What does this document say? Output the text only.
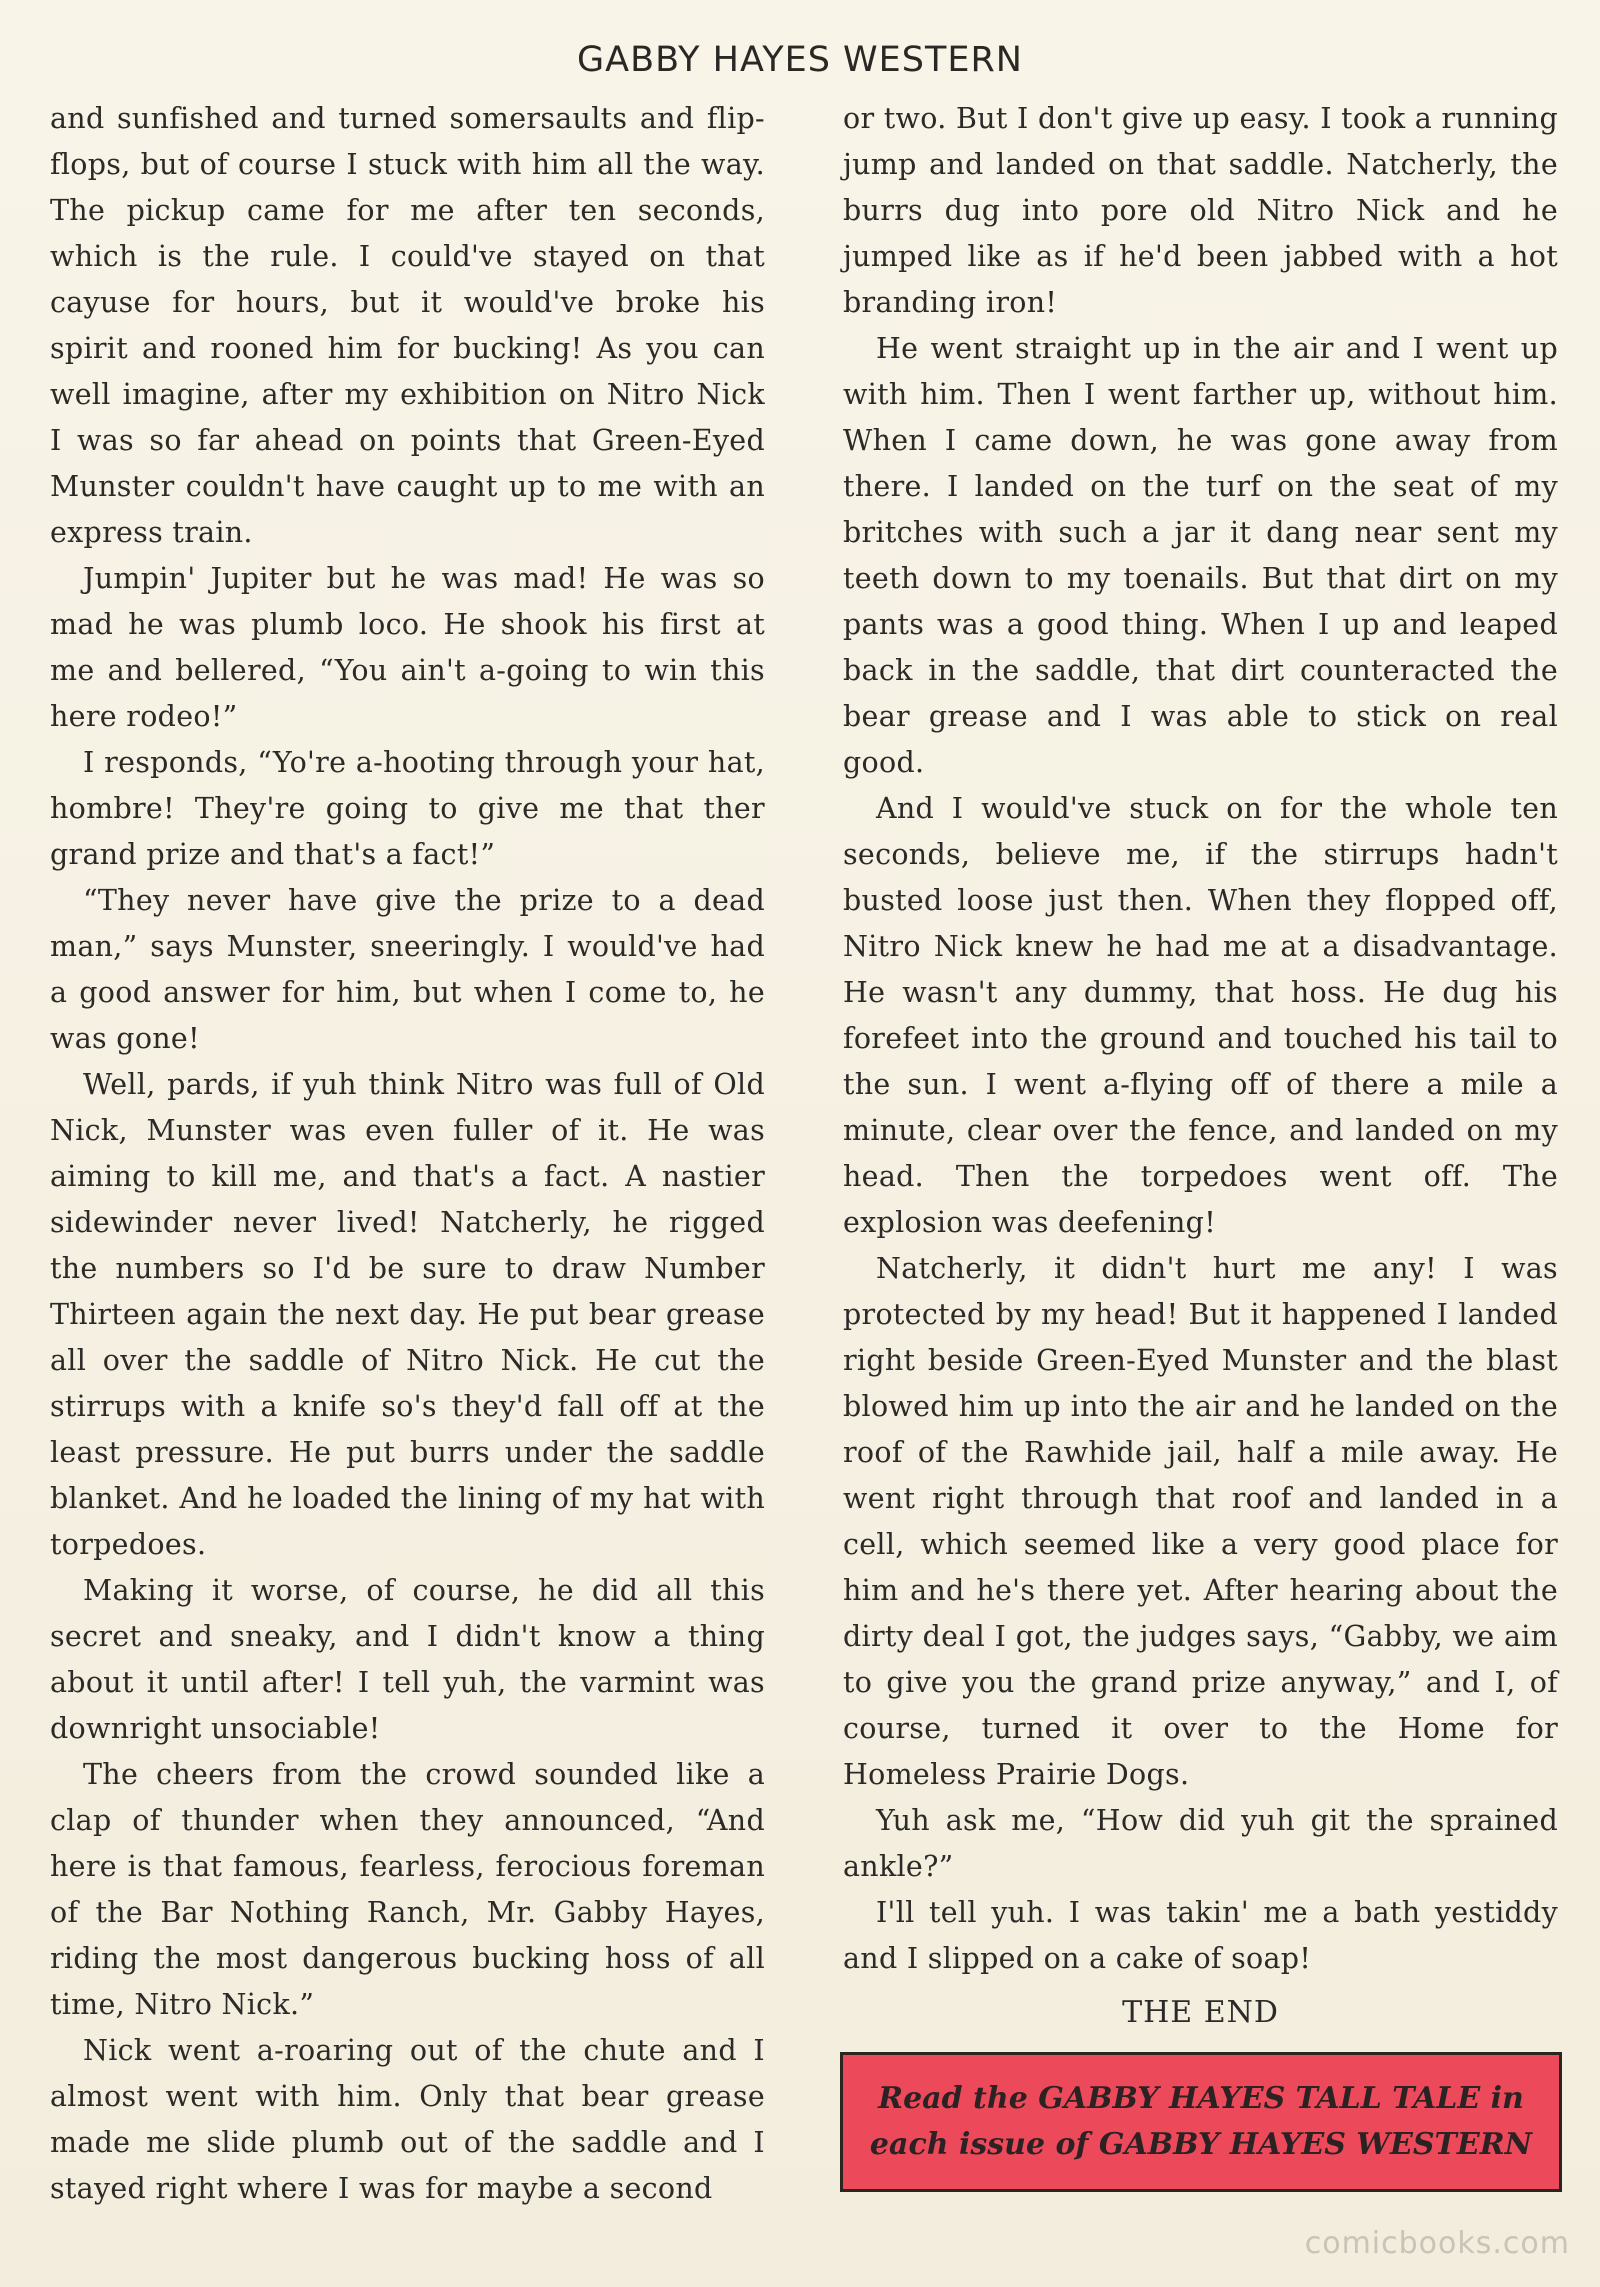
GABBY HAYES WESTERN

and sunfished and turned somersaults and flip-flops, but of course I stuck with him all the way. The pickup came for me after ten seconds, which is the rule. I could've stayed on that cayuse for hours, but it would've broke his spirit and rooned him for bucking! As you can well imagine, after my exhibition on Nitro Nick I was so far ahead on points that Green-Eyed Munster couldn't have caught up to me with an express train.

Jumpin' Jupiter but he was mad! He was so mad he was plumb loco. He shook his first at me and bellered, “You ain't a-going to win this here rodeo!”

I responds, “Yo're a-hooting through your hat, hombre! They're going to give me that ther grand prize and that's a fact!”

“They never have give the prize to a dead man,” says Munster, sneeringly. I would've had a good answer for him, but when I come to, he was gone!

Well, pards, if yuh think Nitro was full of Old Nick, Munster was even fuller of it. He was aiming to kill me, and that's a fact. A nastier sidewinder never lived! Natcherly, he rigged the numbers so I'd be sure to draw Number Thirteen again the next day. He put bear grease all over the saddle of Nitro Nick. He cut the stirrups with a knife so's they'd fall off at the least pressure. He put burrs under the saddle blanket. And he loaded the lining of my hat with torpedoes.

Making it worse, of course, he did all this secret and sneaky, and I didn't know a thing about it until after! I tell yuh, the varmint was downright unsociable!

The cheers from the crowd sounded like a clap of thunder when they announced, “And here is that famous, fearless, ferocious foreman of the Bar Nothing Ranch, Mr. Gabby Hayes, riding the most dangerous bucking hoss of all time, Nitro Nick.”

Nick went a-roaring out of the chute and I almost went with him. Only that bear grease made me slide plumb out of the saddle and I stayed right where I was for maybe a second

or two. But I don't give up easy. I took a running jump and landed on that saddle. Natcherly, the burrs dug into pore old Nitro Nick and he jumped like as if he'd been jabbed with a hot branding iron!

He went straight up in the air and I went up with him. Then I went farther up, without him. When I came down, he was gone away from there. I landed on the turf on the seat of my britches with such a jar it dang near sent my teeth down to my toenails. But that dirt on my pants was a good thing. When I up and leaped back in the saddle, that dirt counteracted the bear grease and I was able to stick on real good.

And I would've stuck on for the whole ten seconds, believe me, if the stirrups hadn't busted loose just then. When they flopped off, Nitro Nick knew he had me at a disadvantage. He wasn't any dummy, that hoss. He dug his forefeet into the ground and touched his tail to the sun. I went a-flying off of there a mile a minute, clear over the fence, and landed on my head. Then the torpedoes went off. The explosion was deefening!

Natcherly, it didn't hurt me any! I was protected by my head! But it happened I landed right beside Green-Eyed Munster and the blast blowed him up into the air and he landed on the roof of the Rawhide jail, half a mile away. He went right through that roof and landed in a cell, which seemed like a very good place for him and he's there yet. After hearing about the dirty deal I got, the judges says, “Gabby, we aim to give you the grand prize anyway,” and I, of course, turned it over to the Home for Homeless Prairie Dogs.

Yuh ask me, “How did yuh git the sprained ankle?”

I'll tell yuh. I was takin' me a bath yestiddy and I slipped on a cake of soap!

THE END
Read the GABBY HAYES TALL TALE in
each issue of GABBY HAYES WESTERN
comicbooks.com
